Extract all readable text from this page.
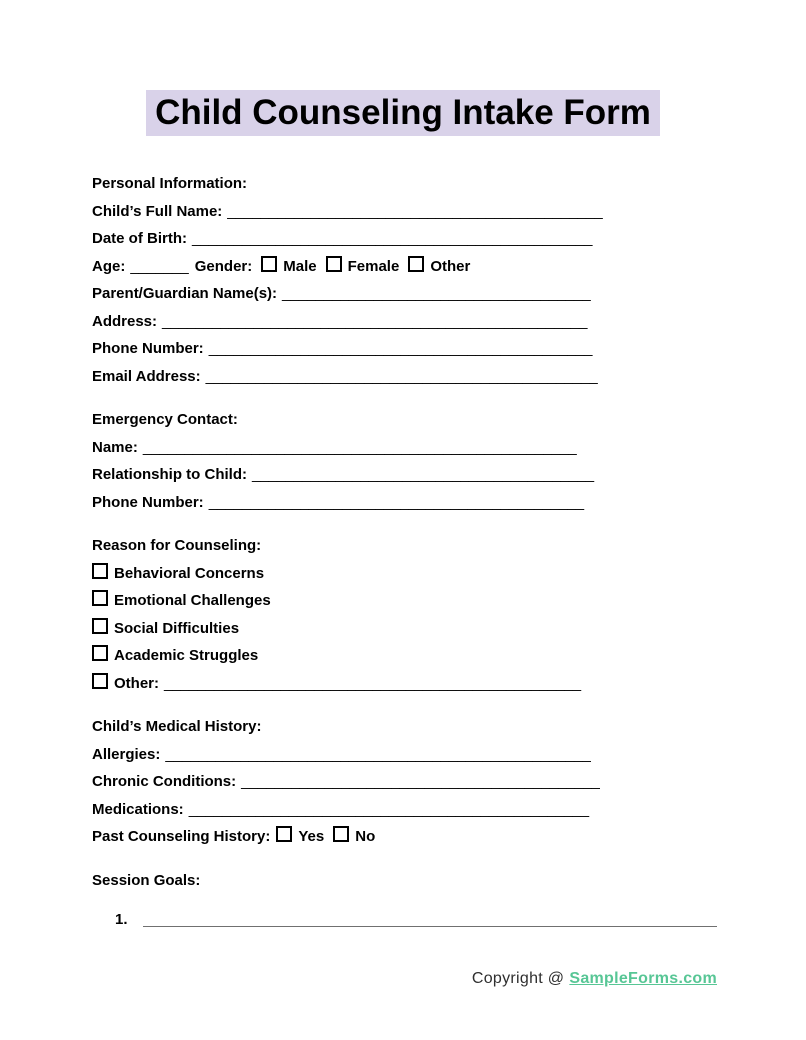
Child Counseling Intake Form

Personal Information:

Child’s Full Name: _____________________________________________

Date of Birth: ________________________________________________

Age: _______ Gender: Male Female Other

Parent/Guardian Name(s): _____________________________________

Address: ___________________________________________________

Phone Number: ______________________________________________

Email Address: _______________________________________________

Emergency Contact:

Name: ____________________________________________________

Relationship to Child: _________________________________________

Phone Number: _____________________________________________

Reason for Counseling:

Behavioral Concerns

Emotional Challenges

Social Difficulties

Academic Struggles

Other: __________________________________________________

Child’s Medical History:

Allergies: ___________________________________________________

Chronic Conditions: ___________________________________________

Medications: ________________________________________________

Past Counseling History: Yes No

Session Goals:

1.
Copyright @ SampleForms.com
